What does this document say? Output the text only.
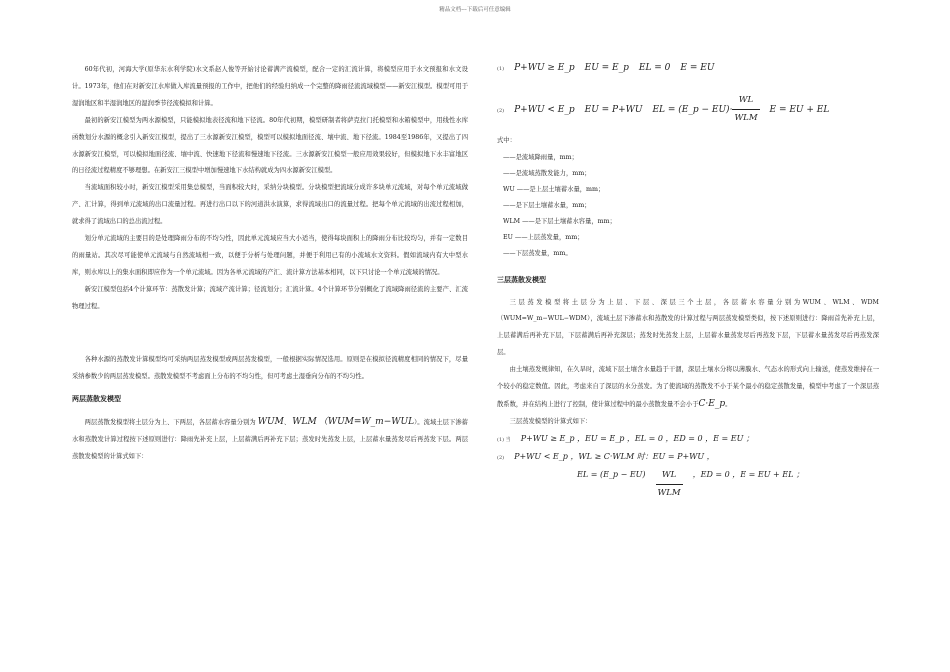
精品文档---下载后可任意编辑

60年代初，河海大学(原华东水利学院)水文系赵人俊等开始讨论蓄满产流模型，配合一定的汇流计算，将模型应用于水文预报和水文设计。1973年，他们在对新安江水库做入库流量预报的工作中，把他们的经验归纳成一个完整的降雨径流流域模型——新安江模型。模型可用于湿润地区和半湿润地区的湿润季节径流模拟和计算。

最初的新安江模型为两水源模型，只能模拟地表径流和地下径流。80年代初期，模型研制者将萨克拉门托模型和水箱模型中，用线性水库函数划分水源的概念引入新安江模型，提出了三水源新安江模型，模型可以模拟地面径流、壤中流、地下径流。1984至1986年，又提出了四水源新安江模型，可以模拟地面径流、壤中流、快速地下径流和慢速地下径流。三水源新安江模型一般应用效果较好，但模拟地下水丰富地区的日径流过程精度不够理想。在新安江三模型中增加慢速地下水结构就成为四水源新安江模型。

当流域面积较小时，新安江模型采用集总模型，当面积较大时，采纳分块模型。分块模型把流域分成许多块单元流域，对每个单元流域做产、汇计算，得到单元流域的出口流量过程。再进行出口以下的河道洪水演算，求得流域出口的流量过程。把每个单元流域的出流过程相加，就求得了流域出口的总出流过程。

划分单元流域的主要目的是处理降雨分布的不均匀性，因此单元流域应当大小适当，使得每块面积上的降雨分布比较均匀，并有一定数目的雨量站。其次尽可能使单元流域与自然流域相一致，以便于分析与处理问题，并便于利用已有的小流域水文资料。假如流域内有大中型水库，则水库以上的集水面积即应作为一个单元流域。因为各单元流域的产汇、流计算方法基本相同，以下只讨论一个单元流域的情况。

新安江模型包括4个计算环节：蒸散发计算；流域产流计算；径流划分；汇流计算。4个计算环节分别概化了流域降雨径流的主要产、汇流物理过程。

各种水源的蒸散发计算模型均可采纳两层蒸发模型或两层蒸发模型，一般根据实际情况选用。原则是在模拟径流精度相同的情况下，尽量采纳参数少的两层蒸发模型。蒸散发模型不考虑面上分布的不均匀性，但可考虑土湿垂向分布的不均匀性。

两层蒸散发模型

两层蒸散发模型将土层分为上、下两层，各层蓄水容量分别为 WUM、 WLM （WUM=W_m−WUL）。流域土层下渗蓄水和蒸散发计算过程按下述原则进行：降雨先补充上层，上层蓄满后再补充下层；蒸发时先蒸发上层，上层蓄水量蒸发尽后再蒸发下层。两层蒸散发模型的计算式如下：

(1) P+WU ≥ E_p EU = E_p EL = 0 E = EU
(2) P+WU < E_p EU = P+WU EL = (E_p − $EU)\cdot \frac{WL}{\text{WLM}}$ E = EU + EL
式中：
——是流域降雨量，mm；
——是流域蒸散发能力，mm；
WU ——是上层土壤蓄水量，mm；
——是下层土壤蓄水量，mm；
WLM ——是下层土壤蓄水容量，mm；
EU ——上层蒸发量，mm；
——下层蒸发量，mm。
三层蒸散发模型

三层蒸发模型将土层分为上层、下层、深层三个土层，各层蓄水容量分别为WUM、WLM、WDM（WUM=W_m−WUL−WDM），流域土层下渗蓄水和蒸散发的计算过程与两层蒸发模型类似，按下述原则进行：降雨首先补充上层，上层蓄满后再补充下层，下层蓄满后再补充深层；蒸发时先蒸发上层，上层蓄水量蒸发尽后再蒸发下层，下层蓄水量蒸发尽后再蒸发深层。

由土壤蒸发规律知，在久旱时，流域下层土壤含水量趋于干涸，深层土壤水分将以薄膜水、气态水的形式向上输送，使蒸发维持在一个较小的稳定数值。因此，考虑来自了深层的水分蒸发。为了使流域的蒸散发不小于某个最小的稳定蒸散发量，模型中考虑了一个深层蒸散系数，并在结构上进行了控制，使计算过程中的最小蒸散发量不会小于C·E_p。

三层蒸发模型的计算式如下：

(1) 当 P+WU ≥ E_p ，EU = E_p ，EL = 0 ，ED = 0 ，E = EU ；
(2) P+WU < E_p ，WL ≥ C·WLM 时：EU = P+WU ，
EL = (E_p − $EU) \frac{WL}{\text{WLM}}$ ，ED = 0 ，E = EU + EL ；
